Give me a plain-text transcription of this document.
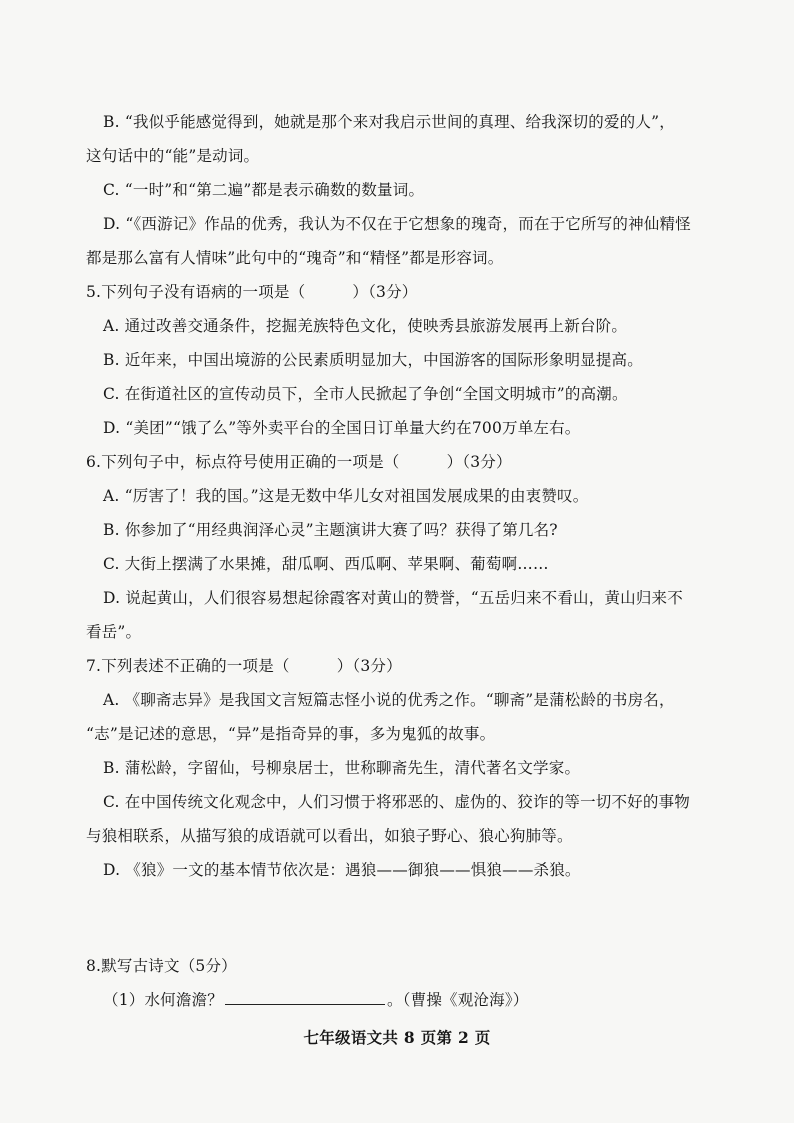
B. “我似乎能感觉得到，她就是那个来对我启示世间的真理、给我深切的爱的人”，
这句话中的“能”是动词。
C. “一时”和“第二遍”都是表示确数的数量词。
D. “《西游记》作品的优秀，我认为不仅在于它想象的瑰奇，而在于它所写的神仙精怪
都是那么富有人情味”此句中的“瑰奇”和“精怪”都是形容词。
5.下列句子没有语病的一项是（　　　）（3分）
A. 通过改善交通条件，挖掘羌族特色文化，使映秀县旅游发展再上新台阶。
B. 近年来，中国出境游的公民素质明显加大，中国游客的国际形象明显提高。
C. 在街道社区的宣传动员下，全市人民掀起了争创“全国文明城市”的高潮。
D. “美团”“饿了么”等外卖平台的全国日订单量大约在700万单左右。
6.下列句子中，标点符号使用正确的一项是（　　　）（3分）
A. “厉害了！我的国。”这是无数中华儿女对祖国发展成果的由衷赞叹。
B. 你参加了“用经典润泽心灵”主题演讲大赛了吗？获得了第几名?
C. 大街上摆满了水果摊，甜瓜啊、西瓜啊、苹果啊、葡萄啊……
D. 说起黄山，人们很容易想起徐霞客对黄山的赞誉，“五岳归来不看山，黄山归来不
看岳”。
7.下列表述不正确的一项是（　　　）（3分）
A. 《聊斋志异》是我国文言短篇志怪小说的优秀之作。“聊斋”是蒲松龄的书房名，
“志”是记述的意思，“异”是指奇异的事，多为鬼狐的故事。
B. 蒲松龄，字留仙，号柳泉居士，世称聊斋先生，清代著名文学家。
C. 在中国传统文化观念中，人们习惯于将邪恶的、虚伪的、狡诈的等一切不好的事物
与狼相联系，从描写狼的成语就可以看出，如狼子野心、狼心狗肺等。
D. 《狼》一文的基本情节依次是：遇狼——御狼——惧狼——杀狼。
8.默写古诗文（5分）
（1）水何澹澹？	。（曹操《观沧海》）
七年级语文共 8 页第 2 页
